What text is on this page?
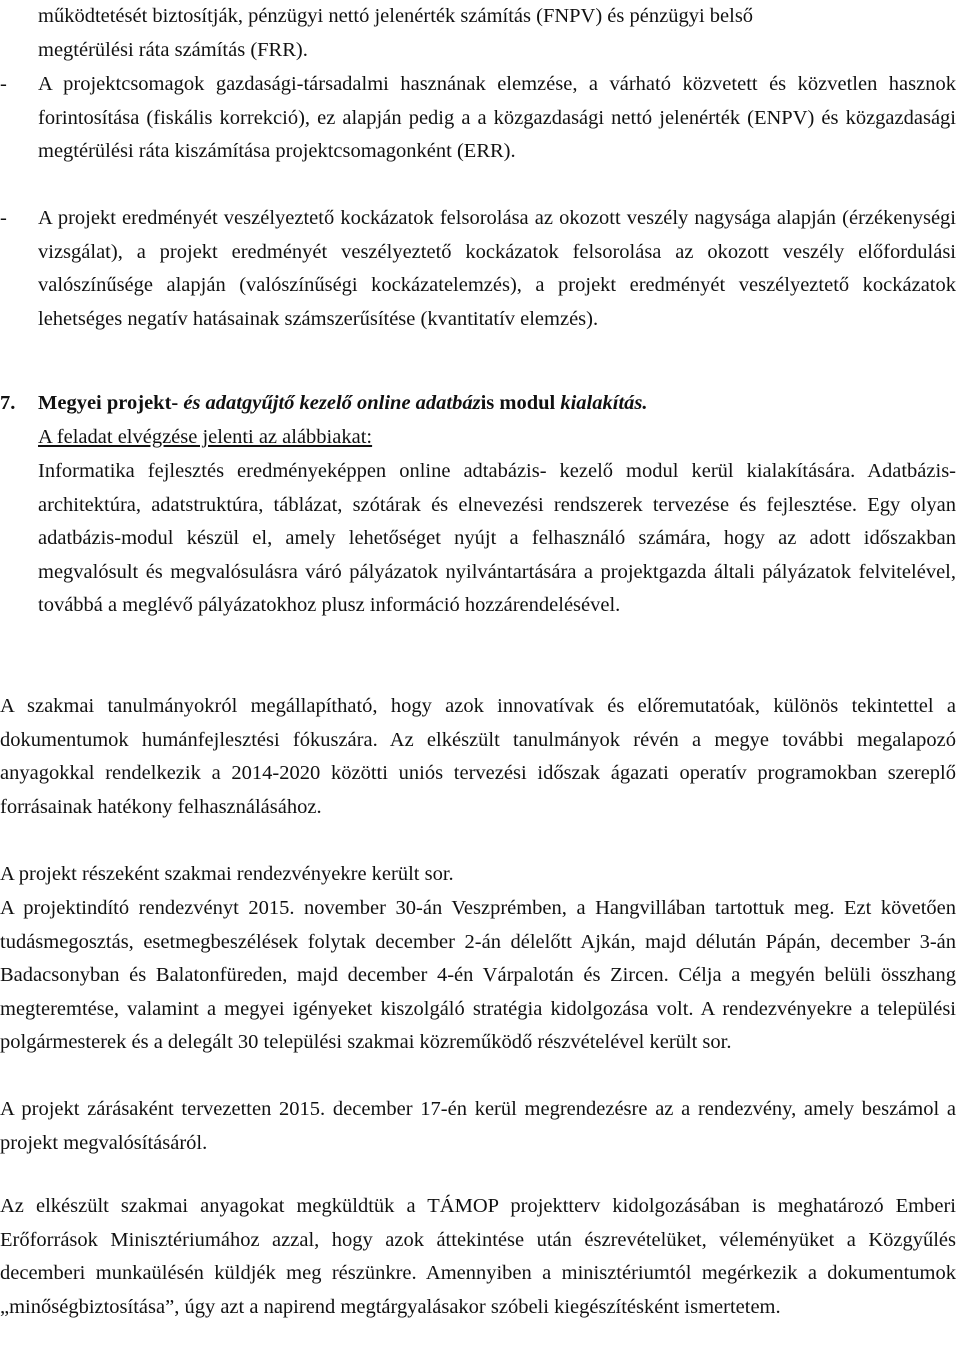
működtetését biztosítják, pénzügyi nettó jelenérték számítás (FNPV) és pénzügyi belső

megtérülési ráta számítás (FRR).

- A projektcsomagok gazdasági-társadalmi hasznának elemzése, a várható közvetett és közvetlen hasznok forintosítása (fiskális korrekció), ez alapján pedig a a közgazdasági nettó jelenérték (ENPV) és közgazdasági megtérülési ráta kiszámítása projektcsomagonként (ERR).

- A projekt eredményét veszélyeztető kockázatok felsorolása az okozott veszély nagysága alapján (érzékenységi vizsgálat), a projekt eredményét veszélyeztető kockázatok felsorolása az okozott veszély előfordulási valószínűsége alapján (valószínűségi kockázatelemzés), a projekt eredményét veszélyeztető kockázatok lehetséges negatív hatásainak számszerűsítése (kvantitatív elemzés).

7. Megyei projekt- és adatgyűjtő kezelő online adatbázis modul kialakítás.
A feladat elvégzése jelenti az alábbiakat:

Informatika fejlesztés eredményeképpen online adtabázis- kezelő modul kerül kialakítására. Adatbázis-architektúra, adatstruktúra, táblázat, szótárak és elnevezési rendszerek tervezése és fejlesztése. Egy olyan adatbázis-modul készül el, amely lehetőséget nyújt a felhasználó számára, hogy az adott időszakban megvalósult és megvalósulásra váró pályázatok nyilvántartására a projektgazda általi pályázatok felvitelével, továbbá a meglévő pályázatokhoz plusz információ hozzárendelésével.

A szakmai tanulmányokról megállapítható, hogy azok innovatívak és előremutatóak, különös tekintettel a dokumentumok humánfejlesztési fókuszára. Az elkészült tanulmányok révén a megye további megalapozó anyagokkal rendelkezik a 2014-2020 közötti uniós tervezési időszak ágazati operatív programokban szereplő forrásainak hatékony felhasználásához.

A projekt részeként szakmai rendezvényekre került sor.

A projektindító rendezvényt 2015. november 30-án Veszprémben, a Hangvillában tartottuk meg. Ezt követően tudásmegosztás, esetmegbeszélések folytak december 2-án délelőtt Ajkán, majd délután Pápán, december 3-án Badacsonyban és Balatonfüreden, majd december 4-én Várpalotán és Zircen. Célja a megyén belüli összhang megteremtése, valamint a megyei igényeket kiszolgáló stratégia kidolgozása volt. A rendezvényekre a települési polgármesterek és a delegált 30 települési szakmai közreműködő részvételével került sor.

A projekt zárásaként tervezetten 2015. december 17-én kerül megrendezésre az a rendezvény, amely beszámol a projekt megvalósításáról.

Az elkészült szakmai anyagokat megküldtük a TÁMOP projektterv kidolgozásában is meghatározó Emberi Erőforrások Minisztériumához azzal, hogy azok áttekintése után észrevételüket, véleményüket a Közgyűlés decemberi munkaülésén küldjék meg részünkre. Amennyiben a minisztériumtól megérkezik a dokumentumok „minőségbiztosítása”, úgy azt a napirend megtárgyalásakor szóbeli kiegészítésként ismertetem.
